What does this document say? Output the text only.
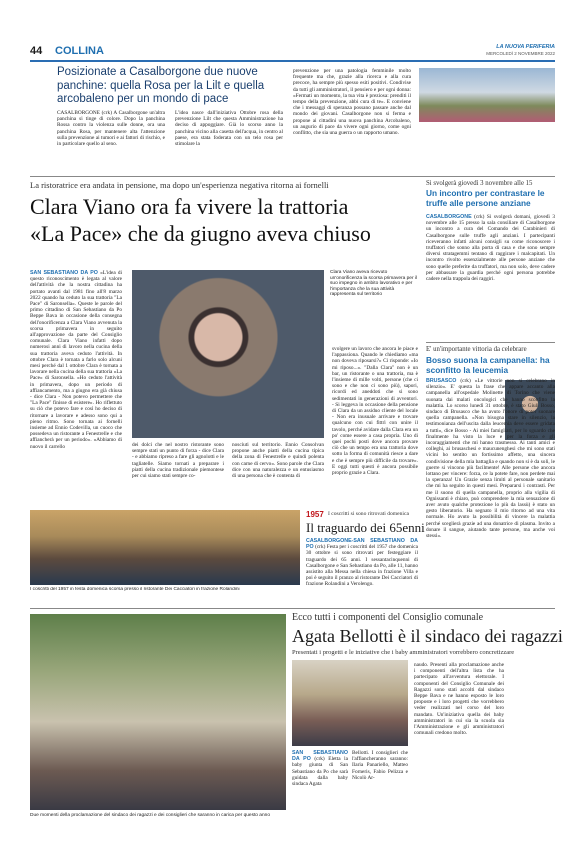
44 COLLINA	LA NUOVA PERIFERIA
MERCOLEDÌ 2 NOVEMBRE 2022
Posizionate a Casalborgone due nuove panchine: quella Rosa per la Lilt e quella arcobaleno per un mondo di pace
CASALBORGONE (crk) A Casalborgone un'altra panchina si tinge di colore. Dopo la panchina Rossa contro la violenza sulle donne, ora una panchina Rosa, per mantenere alta l'attenzione sulla prevenzione ai tumori e ai fattori di rischio, e in particolare quello al seno.
L'idea nasce dall'iniziativa Ottobre rosa della prevenzione Lilt che questa Amministrazione ha deciso di appoggiare. Già lo scorso anno la panchina vicino alla casetta dell'acqua, in centro al paese, era stata foderata con un telo rosa per stimolare la
prevenzione per una patologia femminile molto frequente ma che, grazie alla ricerca e alla cura precoce, ha sempre più spesso esiti positivi. Condivise da tutti gli amministratori, il pensiero e per ogni donna: «Fermati un momento, la tua vita è preziosa: prenditi il tempo della prevenzione, abbi cura di te». E conviene che i messaggi di speranza possano passare anche dal mondo dei giovani. Casalborgone non si ferma e propone ai cittadini una nuova panchina Arcobaleno, un augurio di pace da vivere ogni giorno, come ogni conflitto, che sia una guerra o un rapporto umano.
La ristoratrice era andata in pensione, ma dopo un'esperienza negativa ritorna ai fornelli
Clara Viano ora fa vivere la trattoria
«La Pace» che da giugno aveva chiuso
SAN SEBASTIANO DA PO «L'idea di questo riconoscimento è legata al valore dell'attività che la nostra cittadina ha portato avanti dal 1981 fino all'8 marzo 2022 quando ha ceduto la sua trattoria "La Pace" di Saronsella». Queste le parole del primo cittadino di San Sebastiano da Po Beppe Bava in occasione della consegna dell'onorificenza a Clara Viano avvenuta la scorsa primavera in seguito all'approvazione da parte del Consiglio comunale. Clara Viano infatti dopo numerosi anni di lavoro nella cucina della sua trattoria aveva ceduto l'attività. In ottobre Clara è tornata a farlo solo alcuni mesi perché dal 1 ottobre Clara è tornata a lavorare nella cucina della sua trattoria «La Pace» di Saronsella. «Ho ceduto l'attività in primavera, dopo un periodo di affiancamento, ma a giugno era già chiusa - dice Clara - Non potevo permettere che "La Pace" finisse di esistere». Ho riflettuto su ciò che potevo fare e così ho deciso di ritornare a lavorare e adesso sono qui a pieno ritmo. Sono tornata ai fornelli insieme ad Ennio Codevilla, un cuoco che possedeva un ristorante a Fenestrelle e che affiancherà per un periodo». «Abbiamo di nuovo il carrello
Clara Viano aveva ricevuto un'onorificenza la scorsa primavera per il suo impegno in ambito lavorativo e per l'importanza che la sua attività rappresenta sul territorio
dei dolci che nel nostro ristorante sono sempre stati un punto di forza - dice Clara - e abbiamo ripreso a fare gli agnolotti e le tagliatelle. Siamo tornati a preparare i piatti della cucina tradizionale piemontese per cui siamo stati sempre co-
nosciuti sul territorio. Ennio Consolvan propone anche piatti della cucina tipica della zona di Fenestrelle e quindi polenta con carne di cervo». Sono parole che Clara dice con una naturalezza e un entusiasmo di una persona che è contenta di
svolgere un lavoro che ancora le piace e l'appassiona. Quando le chiediamo «ma non doveva riposarsi?» Ci risponde: «Io mi riposo...». "Dalla Clara" non è un bar, un ristorante o una trattoria, ma è l'insieme di mille volti, persone (che ci sono e che non ci sono più), sapori, ricordi ed aneddoti che si sono sedimentati in generazioni di avventori. - Si leggeva in occasione della pensione di Clara da un assiduo cliente del locale - Non era inusuale arrivare e trovare qualcuno con cui fittrì con unire il tavolo, perché avidare dalla Clara era un po' come essere a casa propria. Uno di quei pochi posti dove ancora provare ciò che un tempo era una trattoria dove sotto la forma di comunità riesce a dare e che è sempre più difficile da trovare». E oggi tutti questi è ancora possibile proprio grazie a Clara.
Si svolgerà giovedì 3 novembre alle 15
Un incontro per contrastare le truffe alle persone anziane
CASALBORGONE (crk) Si svolgerà domani, giovedì 3 novembre alle 15 presso la sala consiliare di Casalborgone un incontro a cura del Comando dei Carabinieri di Casalborgone sulle truffe agli anziani. I partecipanti riceveranno infatti alcuni consigli su come riconoscere i truffatori che sonno alla porta di casa e che sono sempre diversi stratagemmi tentano di raggirare i malcapitati. Un incontro rivolto essenzialmente alle persone anziane che sono quelle preferite da truffatori, ma non solo, deve cadere per abbassare la guardia perché ogni persona potrebbe cadere nella trappola dei raggiri.
E' un'importante vittoria da celebrare
Bosso suona la campanella: ha sconfitto la leucemia
BRUSASCO (crk) «Le vittorie non si celebrano in silenzio». E' questa la frase che appare accanto alla campanella all'ospedale Molinette di Torino che viene suonata dai malati oncologici che hanno sconfitto la malattia. Lo scorso lunedì 31 ottobre, è stato Giuli Bosso, sindaco di Brusasco che ha avuto l'onore di poter suonare quella campanella. «Non bisogna stare in silenzio, la testimonianza dell'uscita dalla leucemia deve essere gridata a tutti», dice Bosso - Ai miei famigliari, per lo sguardo che finalmente ha visto la luce e per la forza e gli incoraggiamenti che mi hanno trasmesso. Ai tanti amici e colleghi, ai brusaschesi e maucunenghesi che mi sono stati vicini ho sentito un fortissimo affetto, una sincera condivisione della mia battaglia e quando non si è da soli, le guerre si vincono più facilmente! Alle persone che ancora lottano per vincere: forza, ce la potete fare, non perdete mai la speranza! Un Grazie senza limiti al personale sanitario che mi ha seguito in questi mesi. Prepararsi i contrasti. Per me il suono di quella campanella, proprio alla vigilia di Ognissanti è chiaro, può comprendere la mia sensazione di aver avuto qualche protezione lo più da lassù) è stato un gesto liberatorio. Ha segnato il mio ritorno ad una vita normale. Ho avuto la possibilità di vincere la malattia perché sceglierà grazie ad una donatrice di plasma. Invito a donare il sangue, aiutando tante persone, ma anche voi stessi».
I coscritti del 1957 in festa domenica scorsa presso il ristorante Dei Cacciatori in frazione Rolandini
1957 I coscritti si sono ritrovati domenica
Il traguardo dei 65enni
CASALBORGONE-SAN SEBASTIANO DA PO (crk) Festa per i coscritti del 1957 che domenica 30 ottobre si sono ritrovati per festeggiare il traguardo dei 65 anni. I sessantacinquenni di Casalborgone e San Sebastiano da Po, alle 11, hanno assistito alla Messa nella chiesa in frazione Villa e poi è seguito il pranzo al ristorante Dei Cacciatori di frazione Rolandini a Verolengo.
Ecco tutti i componenti del Consiglio comunale
Agata Bellotti è il sindaco dei ragazzi
Presentati i progetti e le iniziative che i baby amministratori vorrebbero concretizzare
Due momenti della proclamazione del sindaco dei ragazzi e dei consiglieri che saranno in carica per questo anno
SAN SEBASTIANO DA PO (crk) Eletta la baby giunta di San Sebastiano da Po che sarà guidata dalla baby sindaca Agata
Bellotti. I consiglieri che l'affiancheranno saranno: Ilaria Panariello, Matteo Forneris, Fabio Pelizza e Nicolò Ar-
naudo. Presenti alla proclamazione anche i componenti dell'altra lista che ha partecipato all'avventura elettorale. I componenti del Consiglio Comunale dei Ragazzi sono stati accolti dal sindaco Beppe Bava e ne hanno esposto le loro proposte e i loro progetti che vorrebbero veder realizzati nel corso del loro mandato. Un'iniziativa quella dei baby amministratori in cui sia la scuola sia l'Amministrazione e gli amministratori comunali credono molto.
